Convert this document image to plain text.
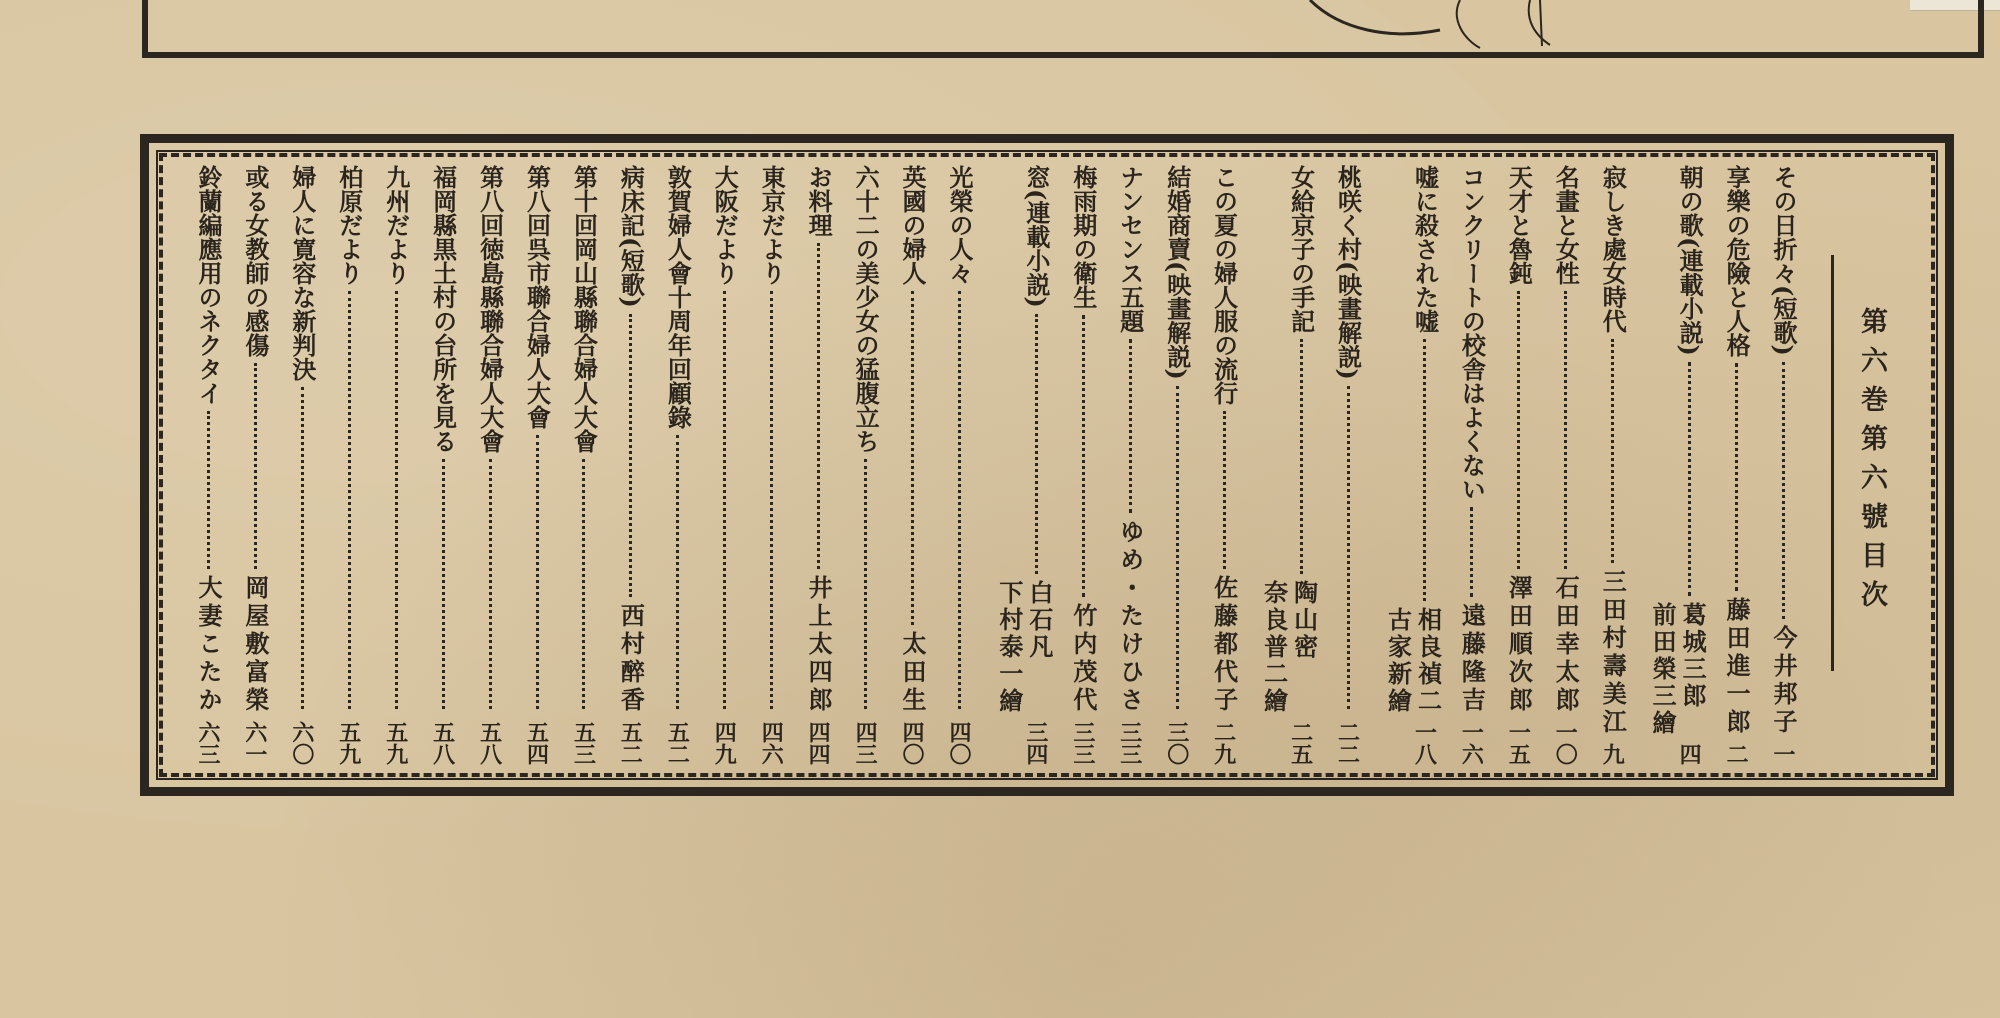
第六巻第六號目次
その日折々(短歌)
今井邦子
一
享樂の危險と人格
藤田進一郎
二
朝の歌(連載小説)
葛城三郎
前田榮三繪
四
寂しき處女時代
三田村壽美江
九
名畫と女性
石田幸太郎
一〇
天才と魯鈍
澤田順次郎
一五
コンクリートの校舎はよくない
遠藤隆吉
一六
嘘に殺された嘘
相良禎二
古家新繪
一八
桃咲く村(映畫解説)
二二
女給京子の手記
陶山密
奈良普二繪
二五
この夏の婦人服の流行
佐藤都代子
二九
結婚商賣(映畫解説)
三〇
ナンセンス五題
ゆめ・たけひさ
三三
梅雨期の衛生
竹内茂代
三三
窓(連載小説)
白石凡
下村泰一繪
三四
光榮の人々
四〇
英國の婦人
太田生
四〇
六十二の美少女の猛腹立ち
四三
お料理
井上太四郎
四四
東京だより
四六
大阪だより
四九
敦賀婦人會十周年回顧錄
五二
病床記(短歌)
西村醉香
五二
第十回岡山縣聯合婦人大會
五三
第八回呉市聯合婦人大會
五四
第八回徳島縣聯合婦人大會
五八
福岡縣黒土村の台所を見る
五八
九州だより
五九
柏原だより
五九
婦人に寛容な新判決
六〇
或る女教師の感傷
岡屋敷富榮
六一
鈴蘭編應用のネクタイ
大妻こたか
六三
